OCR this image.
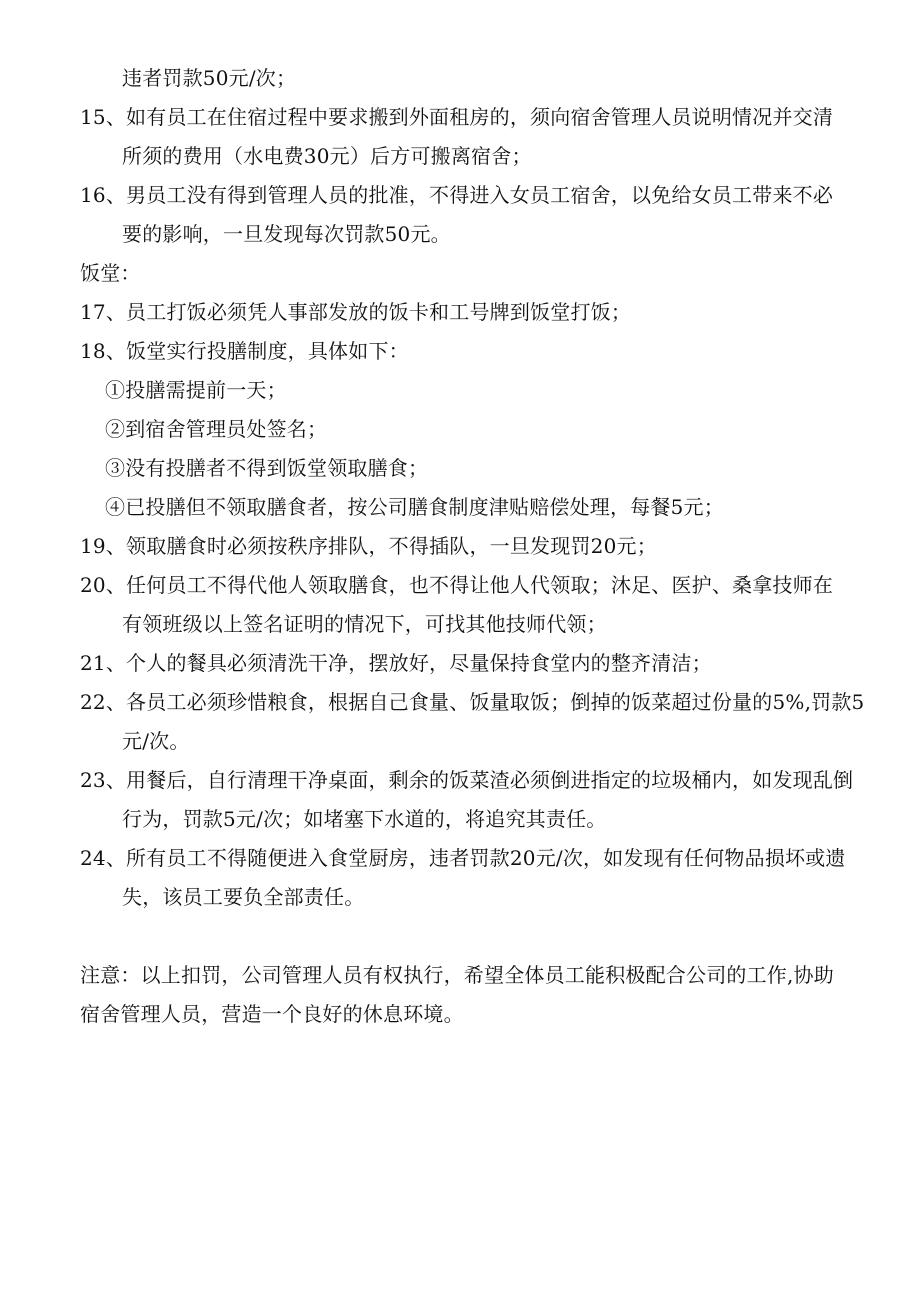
违者罚款50元/次；
15、如有员工在住宿过程中要求搬到外面租房的，须向宿舍管理人员说明情况并交清
所须的费用（水电费30元）后方可搬离宿舍；
16、男员工没有得到管理人员的批准，不得进入女员工宿舍，以免给女员工带来不必
要的影响，一旦发现每次罚款50元。
饭堂：
17、员工打饭必须凭人事部发放的饭卡和工号牌到饭堂打饭；
18、饭堂实行投膳制度，具体如下：
①投膳需提前一天；
②到宿舍管理员处签名；
③没有投膳者不得到饭堂领取膳食；
④已投膳但不领取膳食者，按公司膳食制度津贴赔偿处理，每餐5元；
19、领取膳食时必须按秩序排队，不得插队，一旦发现罚20元；
20、任何员工不得代他人领取膳食，也不得让他人代领取；沐足、医护、桑拿技师在
有领班级以上签名证明的情况下，可找其他技师代领；
21、个人的餐具必须清洗干净，摆放好，尽量保持食堂内的整齐清洁；
22、各员工必须珍惜粮食，根据自己食量、饭量取饭；倒掉的饭菜超过份量的5%,罚款5
元/次。
23、用餐后，自行清理干净桌面，剩余的饭菜渣必须倒进指定的垃圾桶内，如发现乱倒
行为，罚款5元/次；如堵塞下水道的，将追究其责任。
24、所有员工不得随便进入食堂厨房，违者罚款20元/次，如发现有任何物品损坏或遗
失，该员工要负全部责任。
注意：以上扣罚，公司管理人员有权执行，希望全体员工能积极配合公司的工作,协助
宿舍管理人员，营造一个良好的休息环境。
